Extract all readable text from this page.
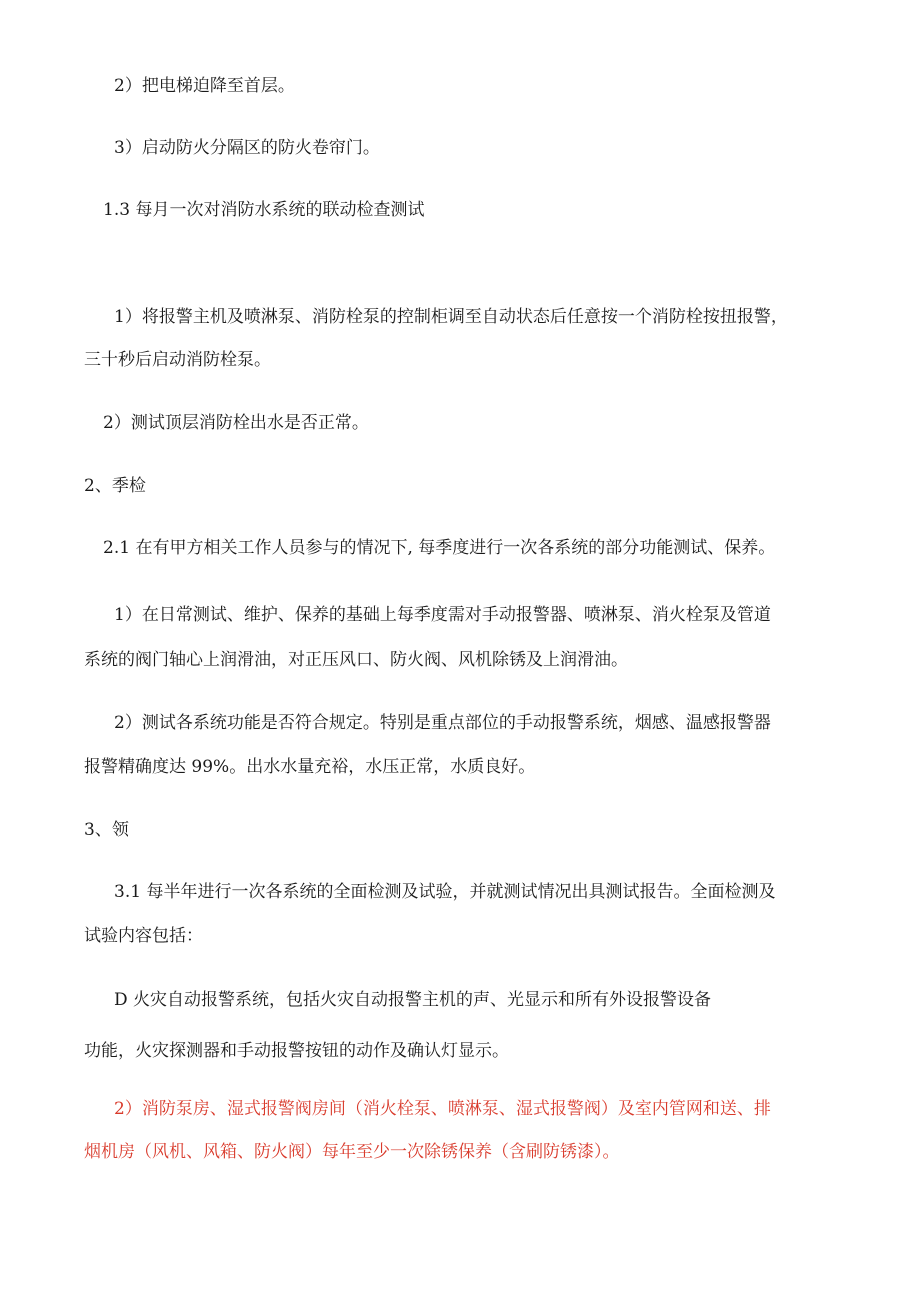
2）把电梯迫降至首层。
3）启动防火分隔区的防火卷帘门。
1.3 每月一次对消防水系统的联动检查测试
1）将报警主机及喷淋泵、消防栓泵的控制柜调至自动状态后任意按一个消防栓按扭报警，
三十秒后启动消防栓泵。
2）测试顶层消防栓出水是否正常。
2、季检
2.1 在有甲方相关工作人员参与的情况下, 每季度进行一次各系统的部分功能测试、保养。
1）在日常测试、维护、保养的基础上每季度需对手动报警器、喷淋泵、消火栓泵及管道
系统的阀门轴心上润滑油，对正压风口、防火阀、风机除锈及上润滑油。
2）测试各系统功能是否符合规定。特别是重点部位的手动报警系统，烟感、温感报警器
报警精确度达 99%。出水水量充裕，水压正常，水质良好。
3、领
3.1 每半年进行一次各系统的全面检测及试验，并就测试情况出具测试报告。全面检测及
试验内容包括：
D 火灾自动报警系统，包括火灾自动报警主机的声、光显示和所有外设报警设备
功能，火灾探测器和手动报警按钮的动作及确认灯显示。
2）消防泵房、湿式报警阀房间（消火栓泵、喷淋泵、湿式报警阀）及室内管网和送、排
烟机房（风机、风箱、防火阀）每年至少一次除锈保养（含刷防锈漆）。
